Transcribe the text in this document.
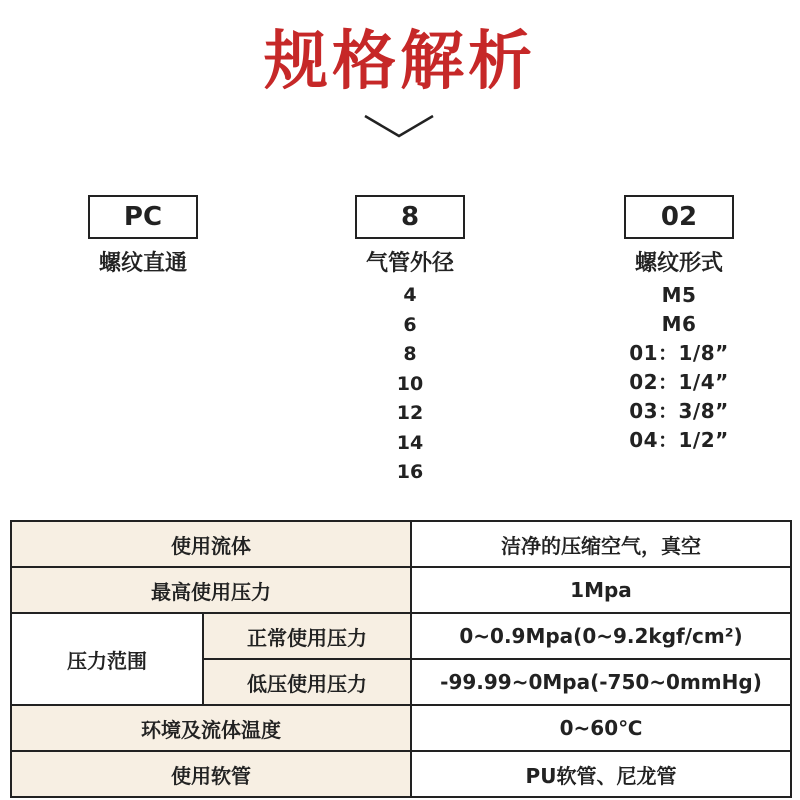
规格解析
PC
螺纹直通
8
气管外径
4
6
8
10
12
14
16
02
螺纹形式
M5
M6
01：1/8”
02：1/4”
03：3/8”
04：1/2”
使用流体		洁净的压缩空气，真空
最高使用压力		1Mpa
压力范围	正常使用压力	0~0.9Mpa(0~9.2kgf/cm²)
	低压使用压力	-99.99~0Mpa(-750~0mmHg)
环境及流体温度		0~60℃
使用软管		PU软管、尼龙管
